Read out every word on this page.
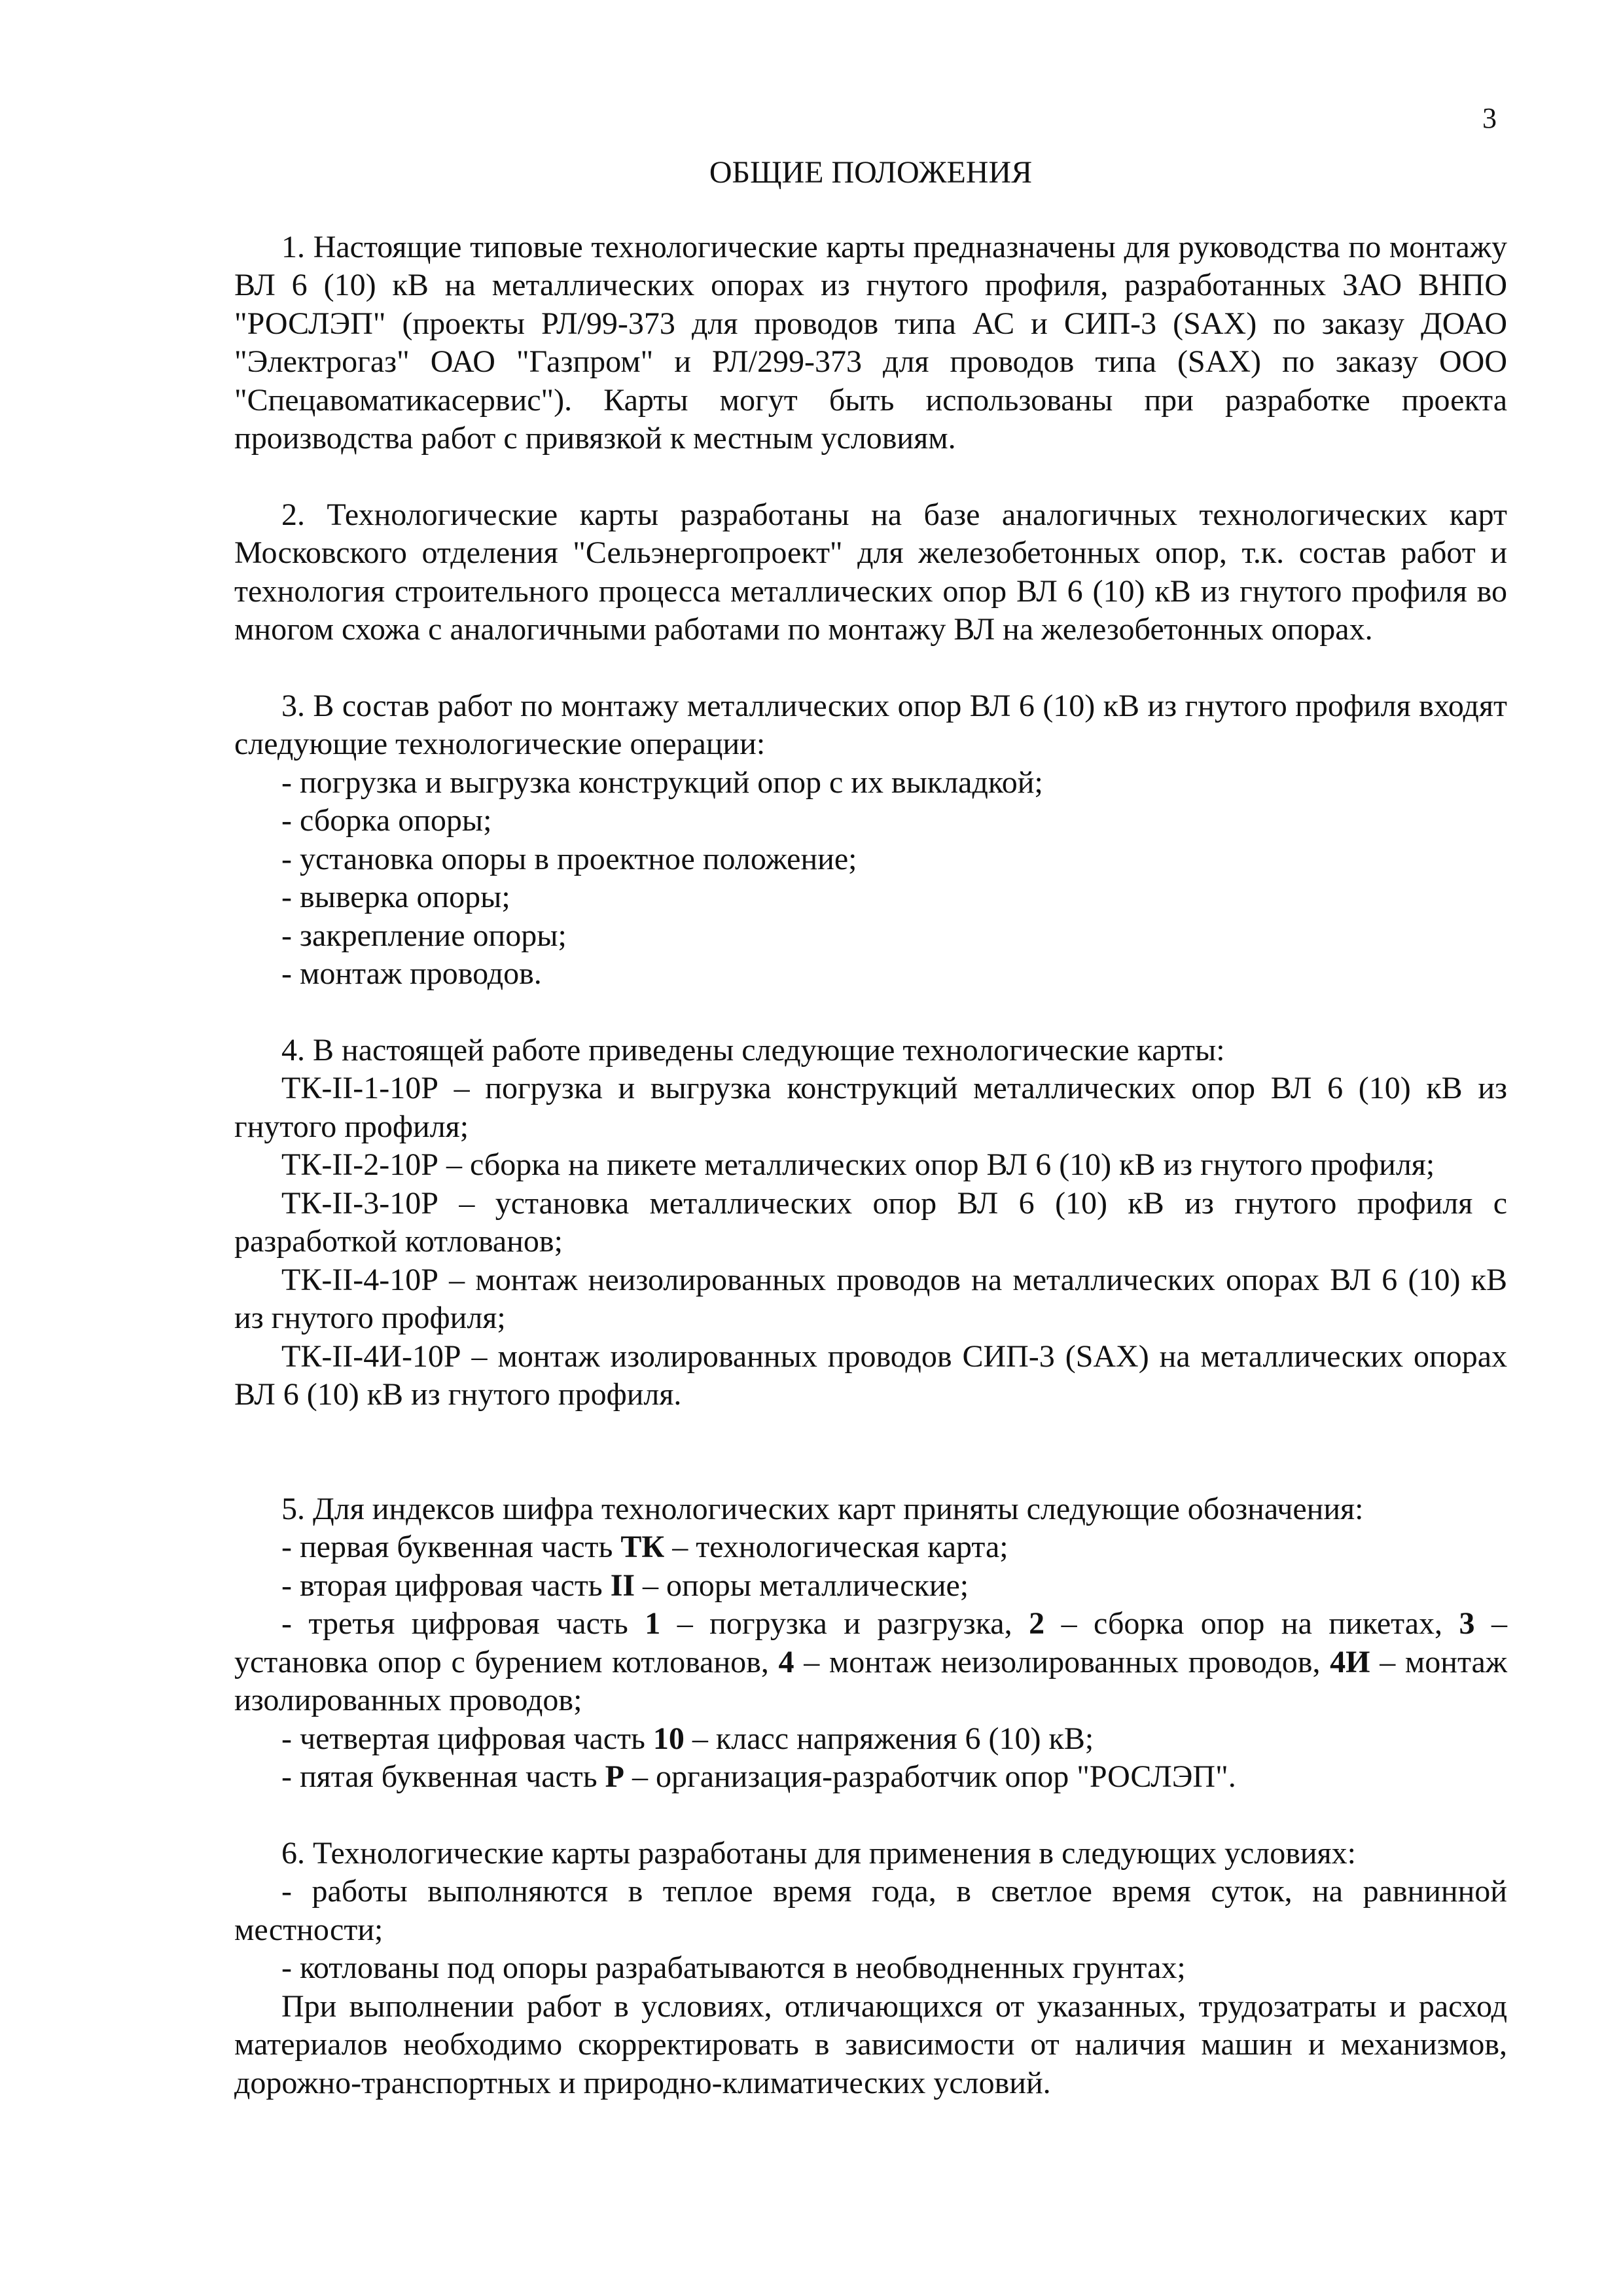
3
ОБЩИЕ ПОЛОЖЕНИЯ

1. Настоящие типовые технологические карты предназначены для руководства по монтажу ВЛ 6 (10) кВ на металлических опорах из гнутого профиля, разработанных ЗАО ВНПО "РОСЛЭП" (проекты РЛ/99-373 для проводов типа АС и СИП-3 (SAX) по заказу ДОАО "Электрогаз" ОАО "Газпром" и РЛ/299-373 для проводов типа (SAX) по заказу ООО "Спецавоматикасервис"). Карты могут быть использованы при разработке проекта производства работ с привязкой к местным условиям.

2. Технологические карты разработаны на базе аналогичных технологических карт Московского отделения "Сельэнергопроект" для железобетонных опор, т.к. состав работ и технология строительного процесса металлических опор ВЛ 6 (10) кВ из гнутого профиля во многом схожа с аналогичными работами по монтажу ВЛ на железобетонных опорах.

3. В состав работ по монтажу металлических опор ВЛ 6 (10) кВ из гнутого профиля входят следующие технологические операции:

- погрузка и выгрузка конструкций опор с их выкладкой;

- сборка опоры;

- установка опоры в проектное положение;

- выверка опоры;

- закрепление опоры;

- монтаж проводов.

4. В настоящей работе приведены следующие технологические карты:

ТК-II-1-10Р – погрузка и выгрузка конструкций металлических опор ВЛ 6 (10) кВ из гнутого профиля;

ТК-II-2-10Р – сборка на пикете металлических опор ВЛ 6 (10) кВ из гнутого профиля;

ТК-II-3-10Р – установка металлических опор ВЛ 6 (10) кВ из гнутого профиля с разработкой котлованов;

ТК-II-4-10Р – монтаж неизолированных проводов на металлических опорах ВЛ 6 (10) кВ из гнутого профиля;

ТК-II-4И-10Р – монтаж изолированных проводов СИП-3 (SAX) на металлических опорах ВЛ 6 (10) кВ из гнутого профиля.

5. Для индексов шифра технологических карт приняты следующие обозначения:

- первая буквенная часть ТК – технологическая карта;

- вторая цифровая часть II – опоры металлические;

- третья цифровая часть 1 – погрузка и разгрузка, 2 – сборка опор на пикетах, 3 – установка опор с бурением котлованов, 4 – монтаж неизолированных проводов, 4И – монтаж изолированных проводов;

- четвертая цифровая часть 10 – класс напряжения 6 (10) кВ;

- пятая буквенная часть Р – организация-разработчик опор "РОСЛЭП".

6. Технологические карты разработаны для применения в следующих условиях:

- работы выполняются в теплое время года, в светлое время суток, на равнинной местности;

- котлованы под опоры разрабатываются в необводненных грунтах;

При выполнении работ в условиях, отличающихся от указанных, трудозатраты и расход материалов необходимо скорректировать в зависимости от наличия машин и механизмов, дорожно-транспортных и природно-климатических условий.
